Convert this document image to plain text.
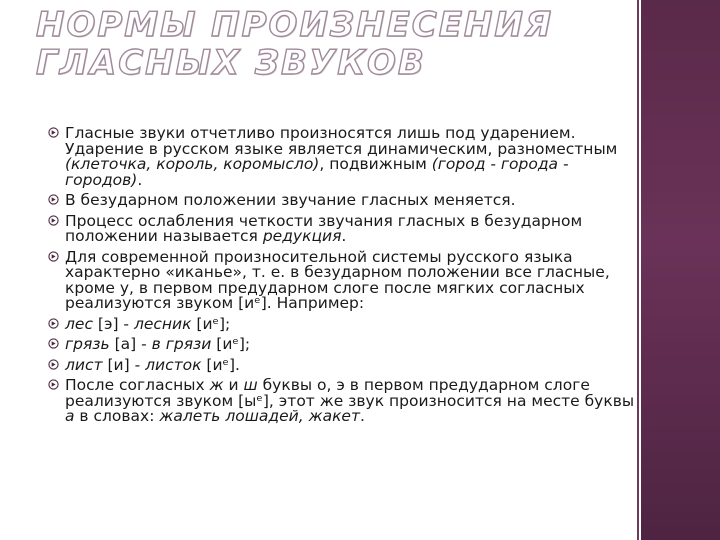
НОРМЫ ПРОИЗНЕСЕНИЯ ГЛАСНЫХ ЗВУКОВ
Гласные звуки отчетливо произносятся лишь под ударением. Ударение в русском языке является динамическим, разноместным (клеточка, король, коромысло), подвижным (город - города - городов).
В безударном положении звучание гласных меняется.
Процесс ослабления четкости звучания гласных в безударном положении называется редукция.
Для современной произносительной системы русского языка характерно «иканье», т. е. в безударном положении все гласные, кроме у, в первом предударном слоге после мягких согласных реализуются звуком [иᵉ]. Например:
лес [э] - лесник [иᵉ];
грязь [а] - в грязи [иᵉ];
лист [и] - листок [иᵉ].
После согласных ж и ш буквы о, э в первом предударном слоге реализуются звуком [ыᵉ], этот же звук произносится на месте буквы а в словах: жалеть лошадей, жакет.
